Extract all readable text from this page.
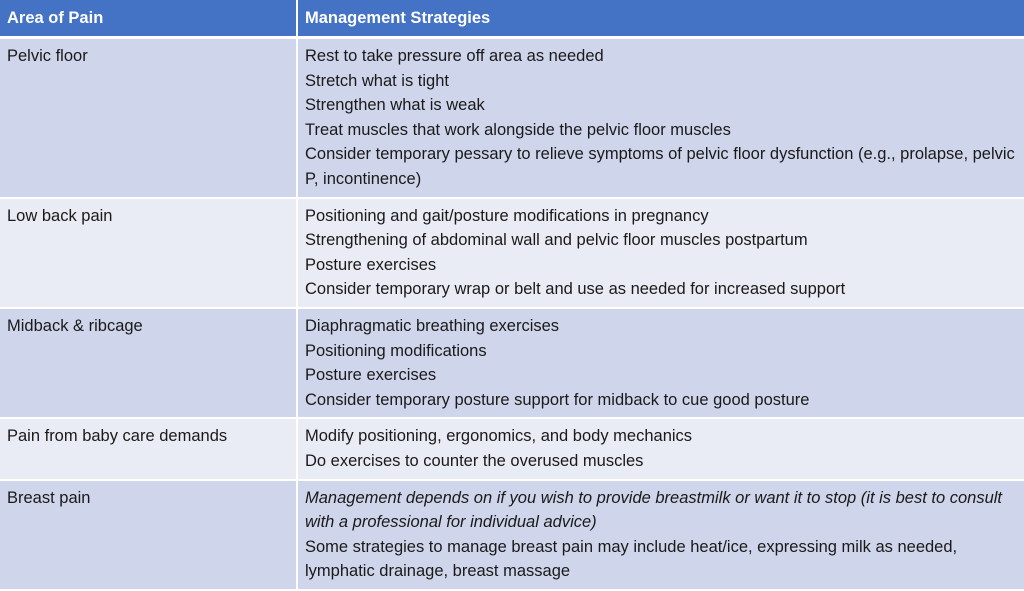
Area of Pain	Management Strategies
Pelvic floor	Rest to take pressure off area as needed
Stretch what is tight
Strengthen what is weak
Treat muscles that work alongside the pelvic floor muscles
Consider temporary pessary to relieve symptoms of pelvic floor dysfunction (e.g., prolapse, pelvic P, incontinence)

Low back pain	Positioning and gait/posture modifications in pregnancy
Strengthening of abdominal wall and pelvic floor muscles postpartum
Posture exercises
Consider temporary wrap or belt and use as needed for increased support

Midback & ribcage	Diaphragmatic breathing exercises
Positioning modifications
Posture exercises
Consider temporary posture support for midback to cue good posture

Pain from baby care demands	Modify positioning, ergonomics, and body mechanics
Do exercises to counter the overused muscles

Breast pain	Management depends on if you wish to provide breastmilk or want it to stop (it is best to consult with a professional for individual advice)
Some strategies to manage breast pain may include heat/ice, expressing milk as needed, lymphatic drainage, breast massage
